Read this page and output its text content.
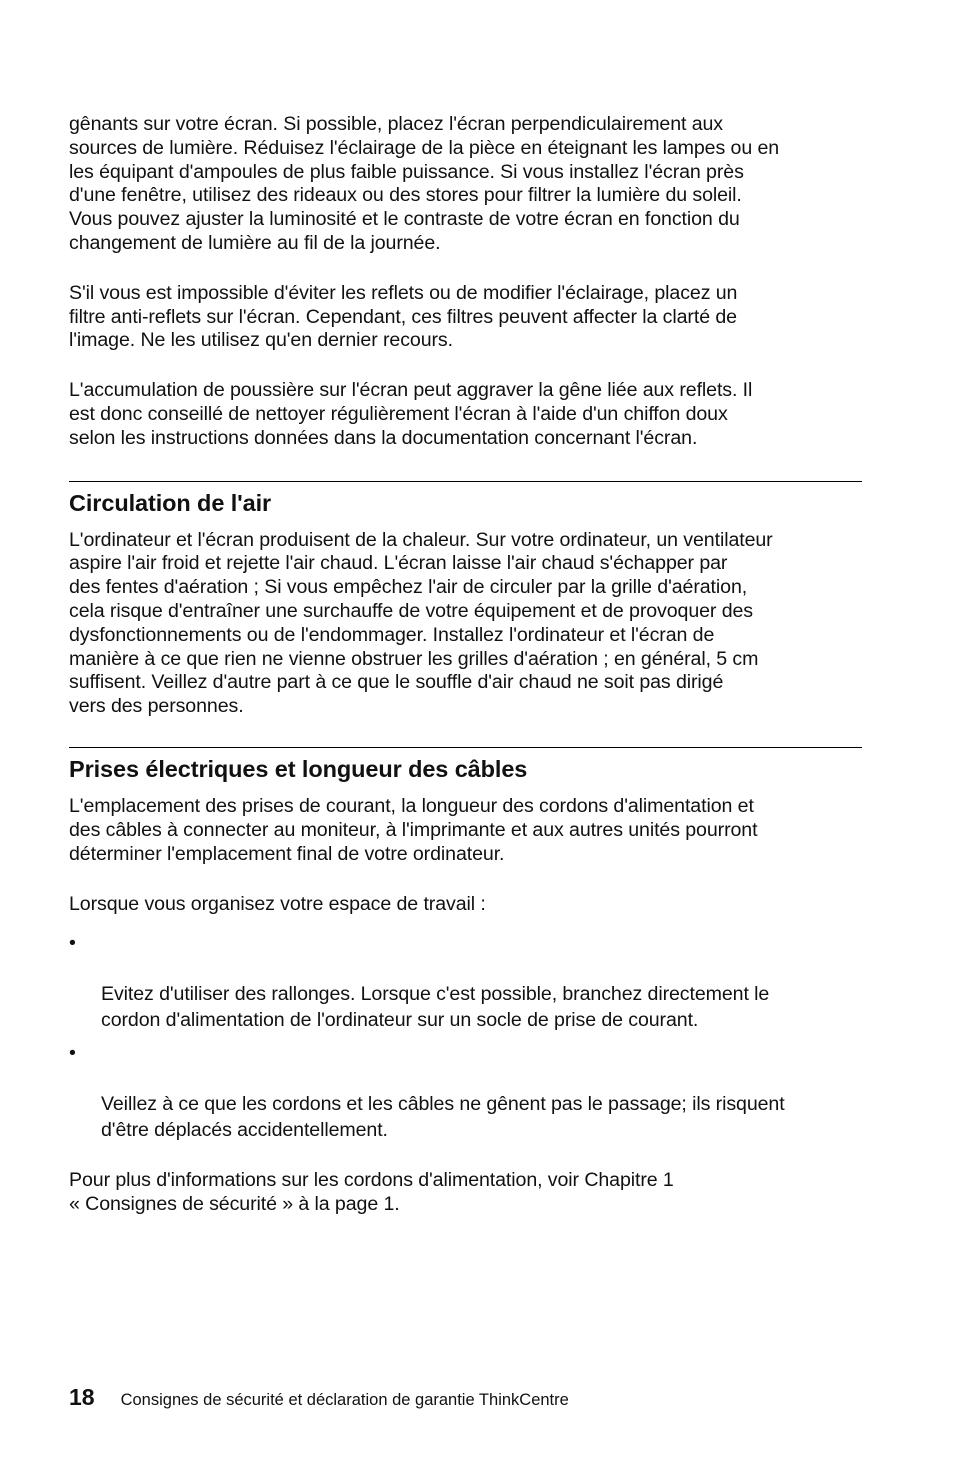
gênants sur votre écran. Si possible, placez l'écran perpendiculairement aux
sources de lumière. Réduisez l'éclairage de la pièce en éteignant les lampes ou en
les équipant d'ampoules de plus faible puissance. Si vous installez l'écran près
d'une fenêtre, utilisez des rideaux ou des stores pour filtrer la lumière du soleil.
Vous pouvez ajuster la luminosité et le contraste de votre écran en fonction du
changement de lumière au fil de la journée.

S'il vous est impossible d'éviter les reflets ou de modifier l'éclairage, placez un
filtre anti-reflets sur l'écran. Cependant, ces filtres peuvent affecter la clarté de
l'image. Ne les utilisez qu'en dernier recours.

L'accumulation de poussière sur l'écran peut aggraver la gêne liée aux reflets. Il
est donc conseillé de nettoyer régulièrement l'écran à l'aide d'un chiffon doux
selon les instructions données dans la documentation concernant l'écran.

Circulation de l'air

L'ordinateur et l'écran produisent de la chaleur. Sur votre ordinateur, un ventilateur
aspire l'air froid et rejette l'air chaud. L'écran laisse l'air chaud s'échapper par
des fentes d'aération ; Si vous empêchez l'air de circuler par la grille d'aération,
cela risque d'entraîner une surchauffe de votre équipement et de provoquer des
dysfonctionnements ou de l'endommager. Installez l'ordinateur et l'écran de
manière à ce que rien ne vienne obstruer les grilles d'aération ; en général, 5 cm
suffisent. Veillez d'autre part à ce que le souffle d'air chaud ne soit pas dirigé
vers des personnes.

Prises électriques et longueur des câbles

L'emplacement des prises de courant, la longueur des cordons d'alimentation et
des câbles à connecter au moniteur, à l'imprimante et aux autres unités pourront
déterminer l'emplacement final de votre ordinateur.

Lorsque vous organisez votre espace de travail :

•

Evitez d'utiliser des rallonges. Lorsque c'est possible, branchez directement le
cordon d'alimentation de l'ordinateur sur un socle de prise de courant.

•

Veillez à ce que les cordons et les câbles ne gênent pas le passage; ils risquent
d'être déplacés accidentellement.

Pour plus d'informations sur les cordons d'alimentation, voir Chapitre 1
« Consignes de sécurité » à la page 1.

18 Consignes de sécurité et déclaration de garantie ThinkCentre
